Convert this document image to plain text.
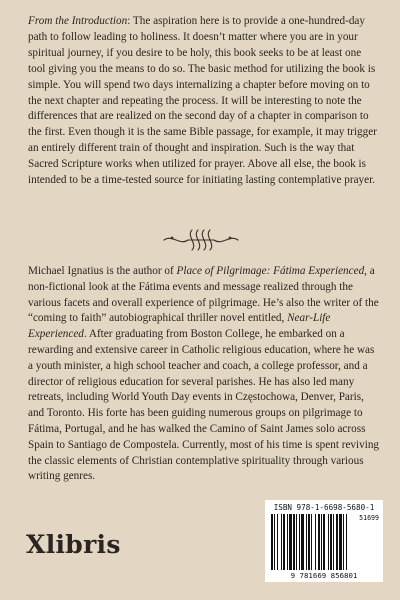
From the Introduction: The aspiration here is to provide a one-hundred-day path to follow leading to holiness. It doesn’t matter where you are in your spiritual journey, if you desire to be holy, this book seeks to be at least one tool giving you the means to do so. The basic method for utilizing the book is simple. You will spend two days internalizing a chapter before moving on to the next chapter and repeating the process. It will be interesting to note the differences that are realized on the second day of a chapter in comparison to the first. Even though it is the same Bible passage, for example, it may trigger an entirely different train of thought and inspiration. Such is the way that Sacred Scripture works when utilized for prayer. Above all else, the book is intended to be a time-tested source for initiating lasting contemplative prayer.

Michael Ignatius is the author of Place of Pilgrimage: Fátima Experienced, a non-fictional look at the Fátima events and message realized through the various facets and overall experience of pilgrimage. He’s also the writer of the “coming to faith” autobiographical thriller novel entitled, Near-Life Experienced. After graduating from Boston College, he embarked on a rewarding and extensive career in Catholic religious education, where he was a youth minister, a high school teacher and coach, a college professor, and a director of religious education for several parishes. He has also led many retreats, including World Youth Day events in Częstochowa, Denver, Paris, and Toronto. His forte has been guiding numerous groups on pilgrimage to Fátima, Portugal, and he has walked the Camino of Saint James solo across Spain to Santiago de Compostela. Currently, most of his time is spent reviving the classic elements of Christian contemplative spirituality through various writing genres.

Xlibris
ISBN 978-1-6698-5680-1
51699
9 781669 856801
